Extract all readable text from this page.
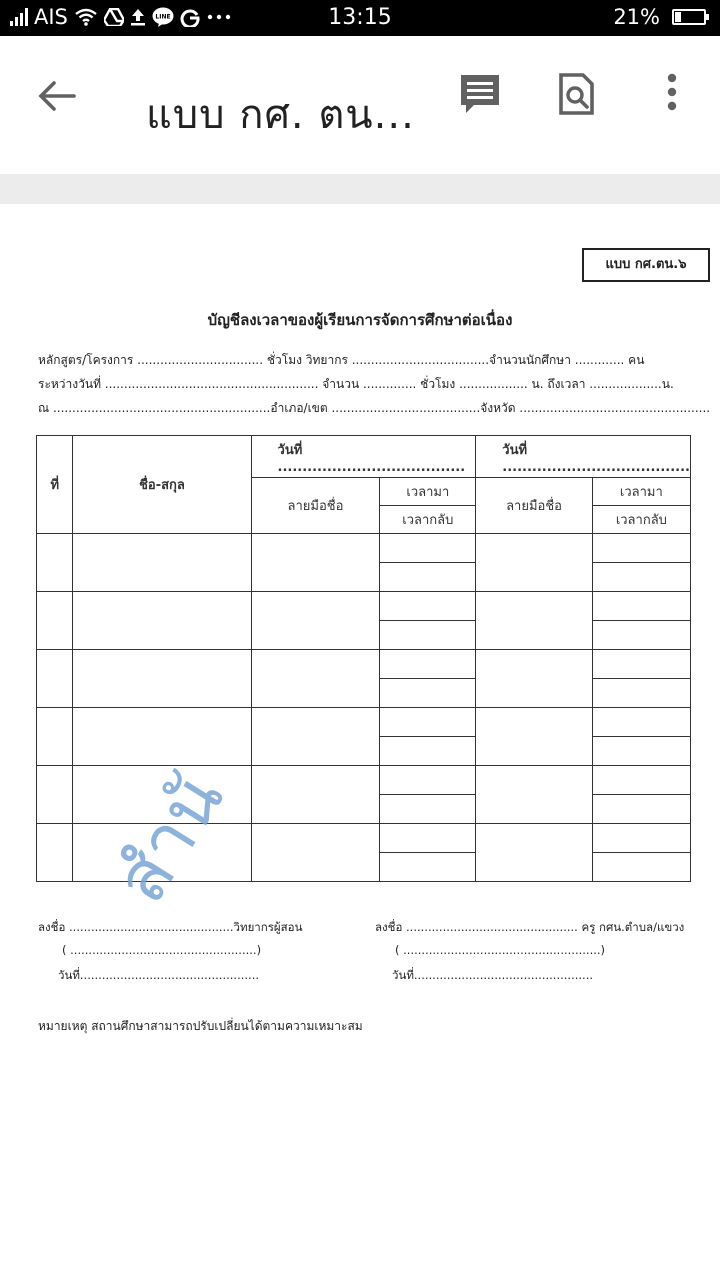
AIS	LINE	13:15	21%
แบบ กศ. ตน...
แบบ กศ.ตน.๖
บัญชีลงเวลาของผู้เรียนการจัดการศึกษาต่อเนื่อง
หลักสูตร/โครงการ ................................. ชั่วโมง วิทยากร ....................................จำนวนนักศึกษา ............. คน
ระหว่างวันที่ ........................................................ จำนวน .............. ชั่วโมง .................. น. ถึงเวลา ...................น.
ณ .........................................................อำเภอ/เขต .......................................จังหวัด ..................................................
ที่	ชื่อ-สกุล	วันที่ ......................................		วันที่ ......................................	
		ลายมือชื่อ	เวลามา	ลายมือชื่อ	เวลามา
			เวลากลับ		เวลากลับ

ลงชื่อ .............................................วิทยากรผู้สอน
( ...................................................)
วันที่.................................................
ลงชื่อ ............................................... ครู กศน.ตำบล/แขวง
( ......................................................)
วันที่.................................................
หมายเหตุ สถานศึกษาสามารถปรับเปลี่ยนได้ตามความเหมาะสม
สำนั
